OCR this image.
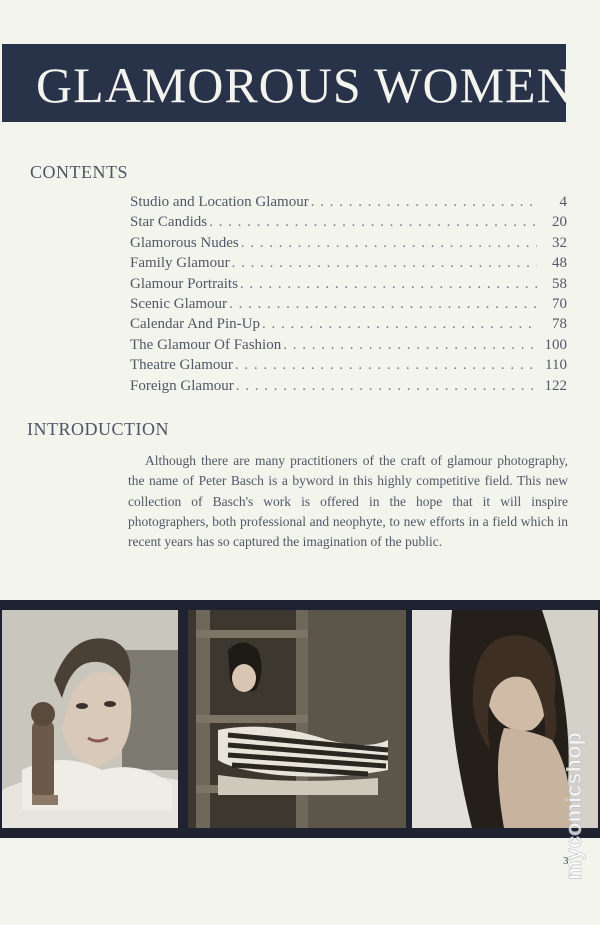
GLAMOROUS WOMEN
CONTENTS
Studio and Location Glamour . . .	4
Star Candids . . .	20
Glamorous Nudes . . .	32
Family Glamour . . .	48
Glamour Portraits . . .	58
Scenic Glamour . . .	70
Calendar And Pin-Up . . .	78
The Glamour Of Fashion . . .	100
Theatre Glamour . . .	110
Foreign Glamour . . .	122
INTRODUCTION

Although there are many practitioners of the craft of glamour photography, the name of Peter Basch is a byword in this highly competitive field. This new collection of Basch's work is offered in the hope that it will inspire photographers, both professional and neophyte, to new efforts in a field which in recent years has so captured the imagination of the public.

3
mycomicshop
